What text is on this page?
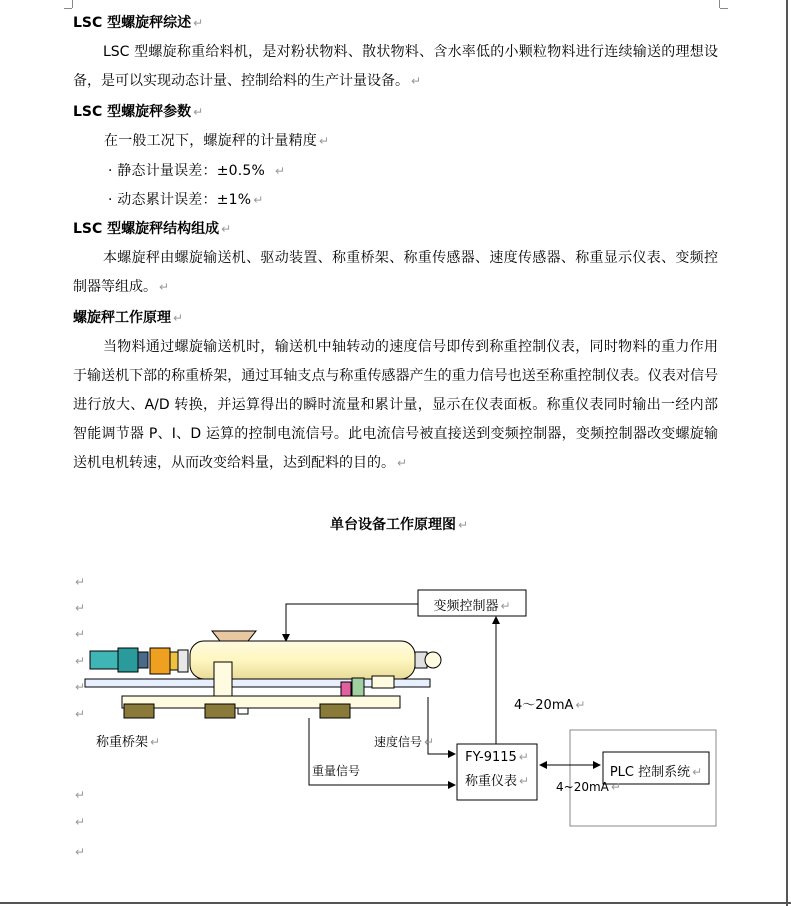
LSC 型螺旋秤综述 ↵
LSC 型螺旋称重给料机，是对粉状物料、散状物料、含水率低的小颗粒物料进行连续输送的理想设备，是可以实现动态计量、控制给料的生产计量设备。 ↵
LSC 型螺旋秤参数 ↵
在一般工况下，螺旋秤的计量精度 ↵
· 静态计量误差：±0.5% ↵
· 动态累计误差：±1% ↵
LSC 型螺旋秤结构组成 ↵
本螺旋秤由螺旋输送机、驱动装置、称重桥架、称重传感器、速度传感器、称重显示仪表、变频控制器等组成。 ↵
螺旋秤工作原理 ↵
当物料通过螺旋输送机时，输送机中轴转动的速度信号即传到称重控制仪表，同时物料的重力作用于输送机下部的称重桥架，通过耳轴支点与称重传感器产生的重力信号也送至称重控制仪表。仪表对信号进行放大、A/D 转换，并运算得出的瞬时流量和累计量，显示在仪表面板。称重仪表同时输出一经内部智能调节器 P、I、D 运算的控制电流信号。此电流信号被直接送到变频控制器，变频控制器改变螺旋输送机电机转速，从而改变给料量，达到配料的目的。 ↵
单台设备工作原理图 ↵
↵
↵
↵
↵
↵
↵
↵
↵
↵
变频控制器 ↵
4～20mA ↵
称重桥架 ↵	速度信号 ↵
重量信号
FY-9115 ↵
称重仪表 ↵	4~20mA ↵
PLC 控制系统 ↵
